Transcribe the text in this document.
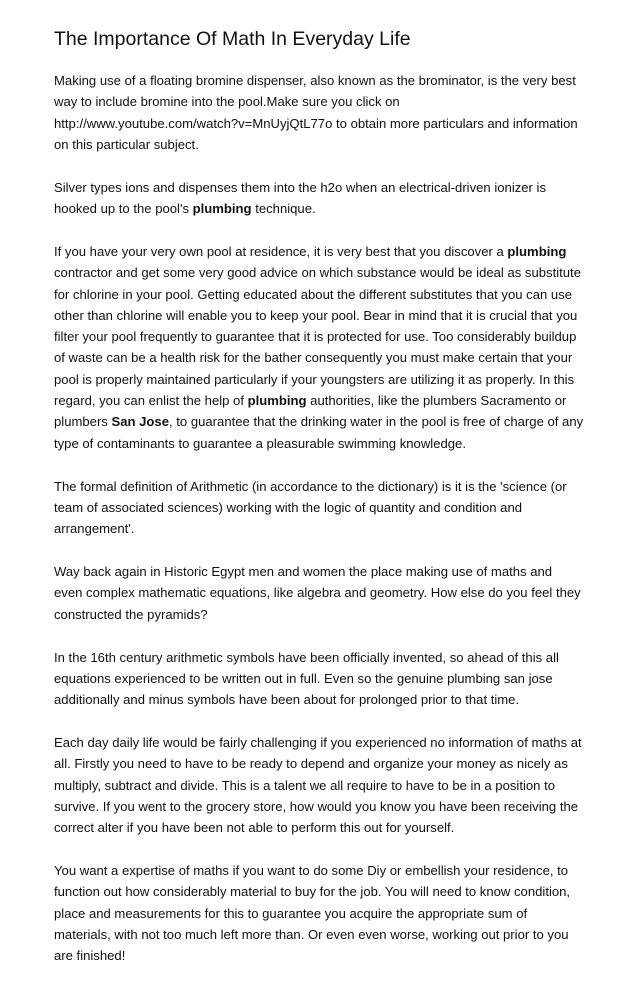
The Importance Of Math In Everyday Life

Making use of a floating bromine dispenser, also known as the brominator, is the very best way to include bromine into the pool.Make sure you click on http://www.youtube.com/watch?v=MnUyjQtL77o to obtain more particulars and information on this particular subject.

Silver types ions and dispenses them into the h2o when an electrical-driven ionizer is hooked up to the pool's plumbing technique.

If you have your very own pool at residence, it is very best that you discover a plumbing contractor and get some very good advice on which substance would be ideal as substitute for chlorine in your pool. Getting educated about the different substitutes that you can use other than chlorine will enable you to keep your pool. Bear in mind that it is crucial that you filter your pool frequently to guarantee that it is protected for use. Too considerably buildup of waste can be a health risk for the bather consequently you must make certain that your pool is properly maintained particularly if your youngsters are utilizing it as properly. In this regard, you can enlist the help of plumbing authorities, like the plumbers Sacramento or plumbers San Jose, to guarantee that the drinking water in the pool is free of charge of any type of contaminants to guarantee a pleasurable swimming knowledge.

The formal definition of Arithmetic (in accordance to the dictionary) is it is the 'science (or team of associated sciences) working with the logic of quantity and condition and arrangement'.

Way back again in Historic Egypt men and women the place making use of maths and even complex mathematic equations, like algebra and geometry. How else do you feel they constructed the pyramids?

In the 16th century arithmetic symbols have been officially invented, so ahead of this all equations experienced to be written out in full. Even so the genuine plumbing san jose additionally and minus symbols have been about for prolonged prior to that time.

Each day daily life would be fairly challenging if you experienced no information of maths at all. Firstly you need to have to be ready to depend and organize your money as nicely as multiply, subtract and divide. This is a talent we all require to have to be in a position to survive. If you went to the grocery store, how would you know you have been receiving the correct alter if you have been not able to perform this out for yourself.

You want a expertise of maths if you want to do some Diy or embellish your residence, to function out how considerably material to buy for the job. You will need to know condition, place and measurements for this to guarantee you acquire the appropriate sum of materials, with not too much left more than. Or even even worse, working out prior to you are finished!
